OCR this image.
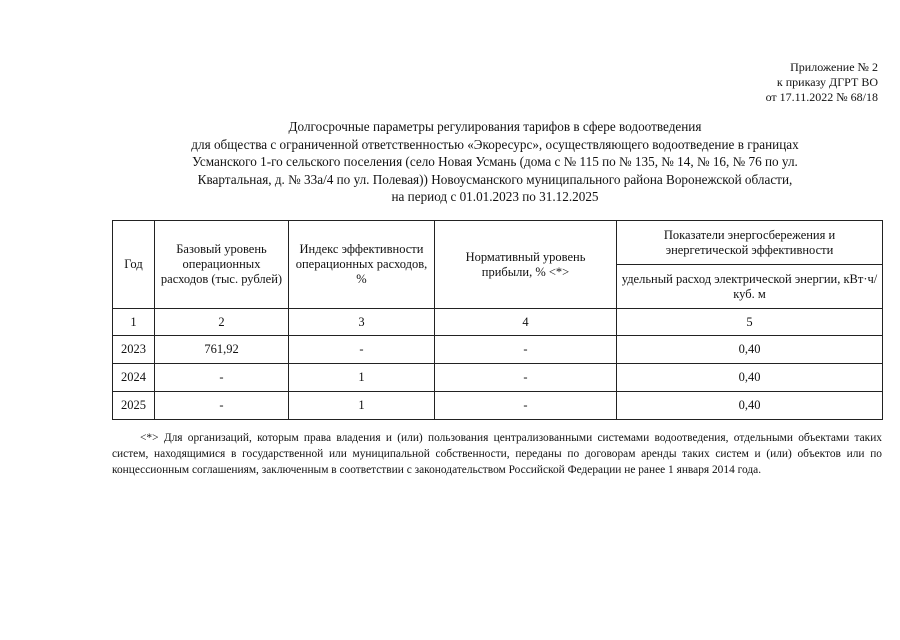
Приложение № 2
к приказу ДГРТ ВО
от 17.11.2022 № 68/18
Долгосрочные параметры регулирования тарифов в сфере водоотведения
для общества с ограниченной ответственностью «Экоресурс», осуществляющего водоотведение в границах
Усманского 1-го сельского поселения (село Новая Усмань (дома с № 115 по № 135, № 14, № 16, № 76 по ул.
Квартальная, д. № 33а/4 по ул. Полевая)) Новоусманского муниципального района Воронежской области,
на период с 01.01.2023 по 31.12.2025
Год	Базовый уровень операционных расходов (тыс. рублей)	Индекс эффективности операционных расходов, %	Нормативный уровень прибыли, % <*>	Показатели энергосбережения и энергетической эффективности
				удельный расход электрической энергии, кВт·ч/куб. м
1	2	3	4	5
2023	761,92	-	-	0,40
2024	-	1	-	0,40
2025	-	1	-	0,40
<*> Для организаций, которым права владения и (или) пользования централизованными системами водоотведения, отдельными объектами таких систем, находящимися в государственной или муниципальной собственности, переданы по договорам аренды таких систем и (или) объектов или по концессионным соглашениям, заключенным в соответствии с законодательством Российской Федерации не ранее 1 января 2014 года.
